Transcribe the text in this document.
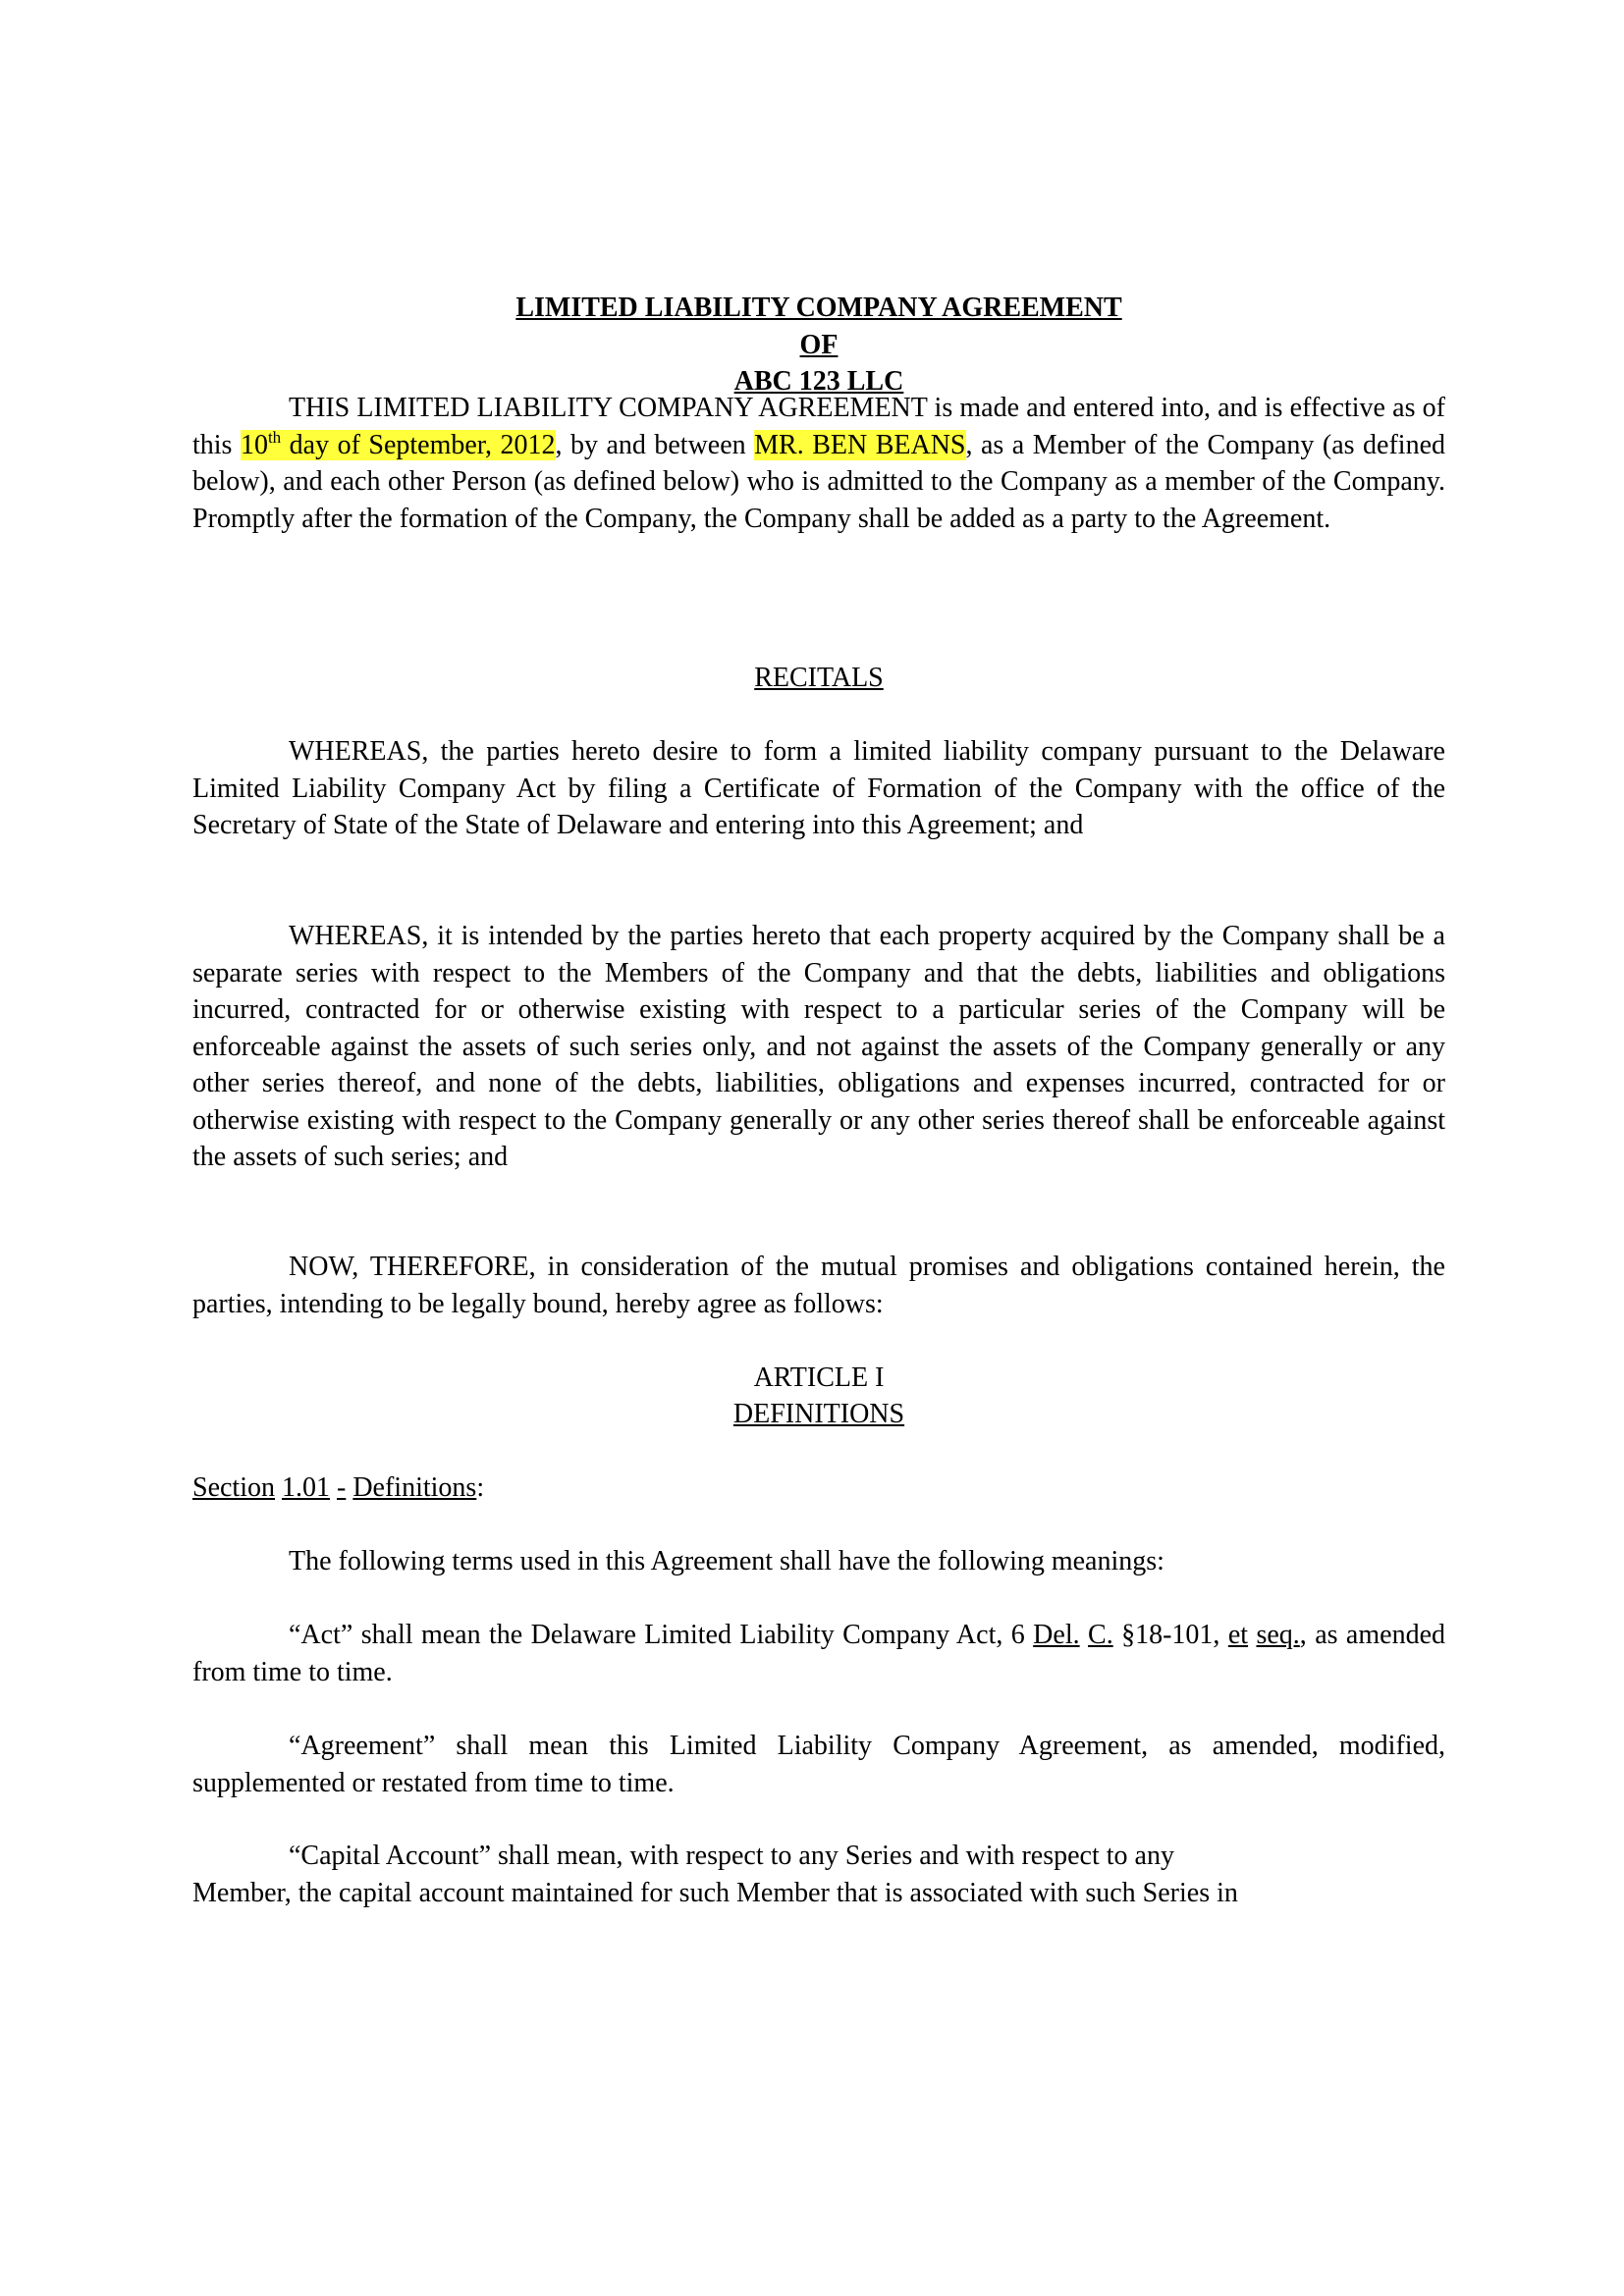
LIMITED LIABILITY COMPANY AGREEMENT
OF
ABC 123 LLC
THIS LIMITED LIABILITY COMPANY AGREEMENT is made and entered into, and is effective as of this 10th day of September, 2012, by and between MR. BEN BEANS, as a Member of the Company (as defined below), and each other Person (as defined below) who is admitted to the Company as a member of the Company. Promptly after the formation of the Company, the Company shall be added as a party to the Agreement.
RECITALS
WHEREAS, the parties hereto desire to form a limited liability company pursuant to the Delaware Limited Liability Company Act by filing a Certificate of Formation of the Company with the office of the Secretary of State of the State of Delaware and entering into this Agreement; and
WHEREAS, it is intended by the parties hereto that each property acquired by the Company shall be a separate series with respect to the Members of the Company and that the debts, liabilities and obligations incurred, contracted for or otherwise existing with respect to a particular series of the Company will be enforceable against the assets of such series only, and not against the assets of the Company generally or any other series thereof, and none of the debts, liabilities, obligations and expenses incurred, contracted for or otherwise existing with respect to the Company generally or any other series thereof shall be enforceable against the assets of such series; and
NOW, THEREFORE, in consideration of the mutual promises and obligations contained herein, the parties, intending to be legally bound, hereby agree as follows:
ARTICLE I
DEFINITIONS
Section 1.01 - Definitions:
The following terms used in this Agreement shall have the following meanings:
“Act” shall mean the Delaware Limited Liability Company Act, 6 Del. C. §18-101, et seq., as amended from time to time.
“Agreement” shall mean this Limited Liability Company Agreement, as amended, modified, supplemented or restated from time to time.
“Capital Account” shall mean, with respect to any Series and with respect to any
Member, the capital account maintained for such Member that is associated with such Series in
